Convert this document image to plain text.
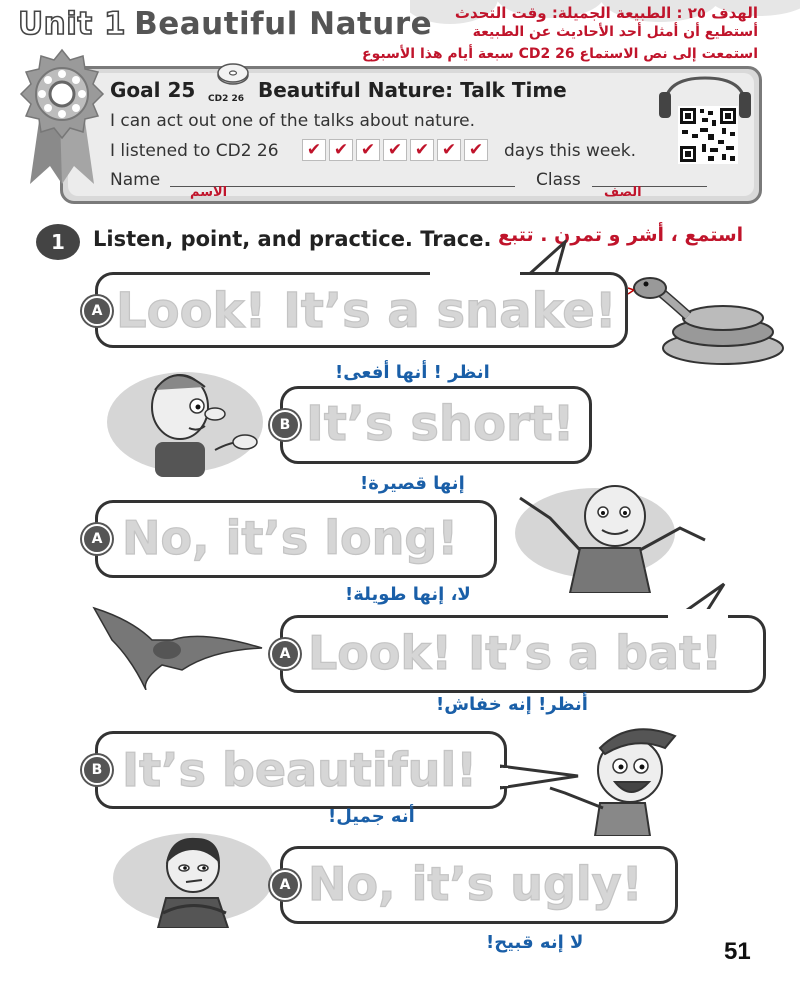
Unit 1 Beautiful Nature الهدف ٢٥ : الطبيعة الجميلة: وقت التحدث
أستطيع أن أمثل أحد الأحاديث عن الطبيعة
استمعت إلى نص الاستماع CD2 26 سبعة أيام هذا الأسبوع
Goal 25 CD2 26 Beautiful Nature: Talk Time
I can act out one of the talks about nature.
I listened to CD2 26 ✔ ✔ ✔ ✔ ✔ ✔ ✔	days this week.
Name
الاسم
Class
الصف
1	Listen, point, and practice. Trace. استمع ، أشر و تمرن . تتبع
A Look! It’s a snake!
انظر ! أنها أفعى!
B It’s short!
إنها قصيرة!
A No, it’s long!
لا، إنها طويلة!
A Look! It’s a bat!
أنظر! إنه خفاش!
B It’s beautiful!
أنه جميل!
A No, it’s ugly!
لا إنه قبيح!	51
